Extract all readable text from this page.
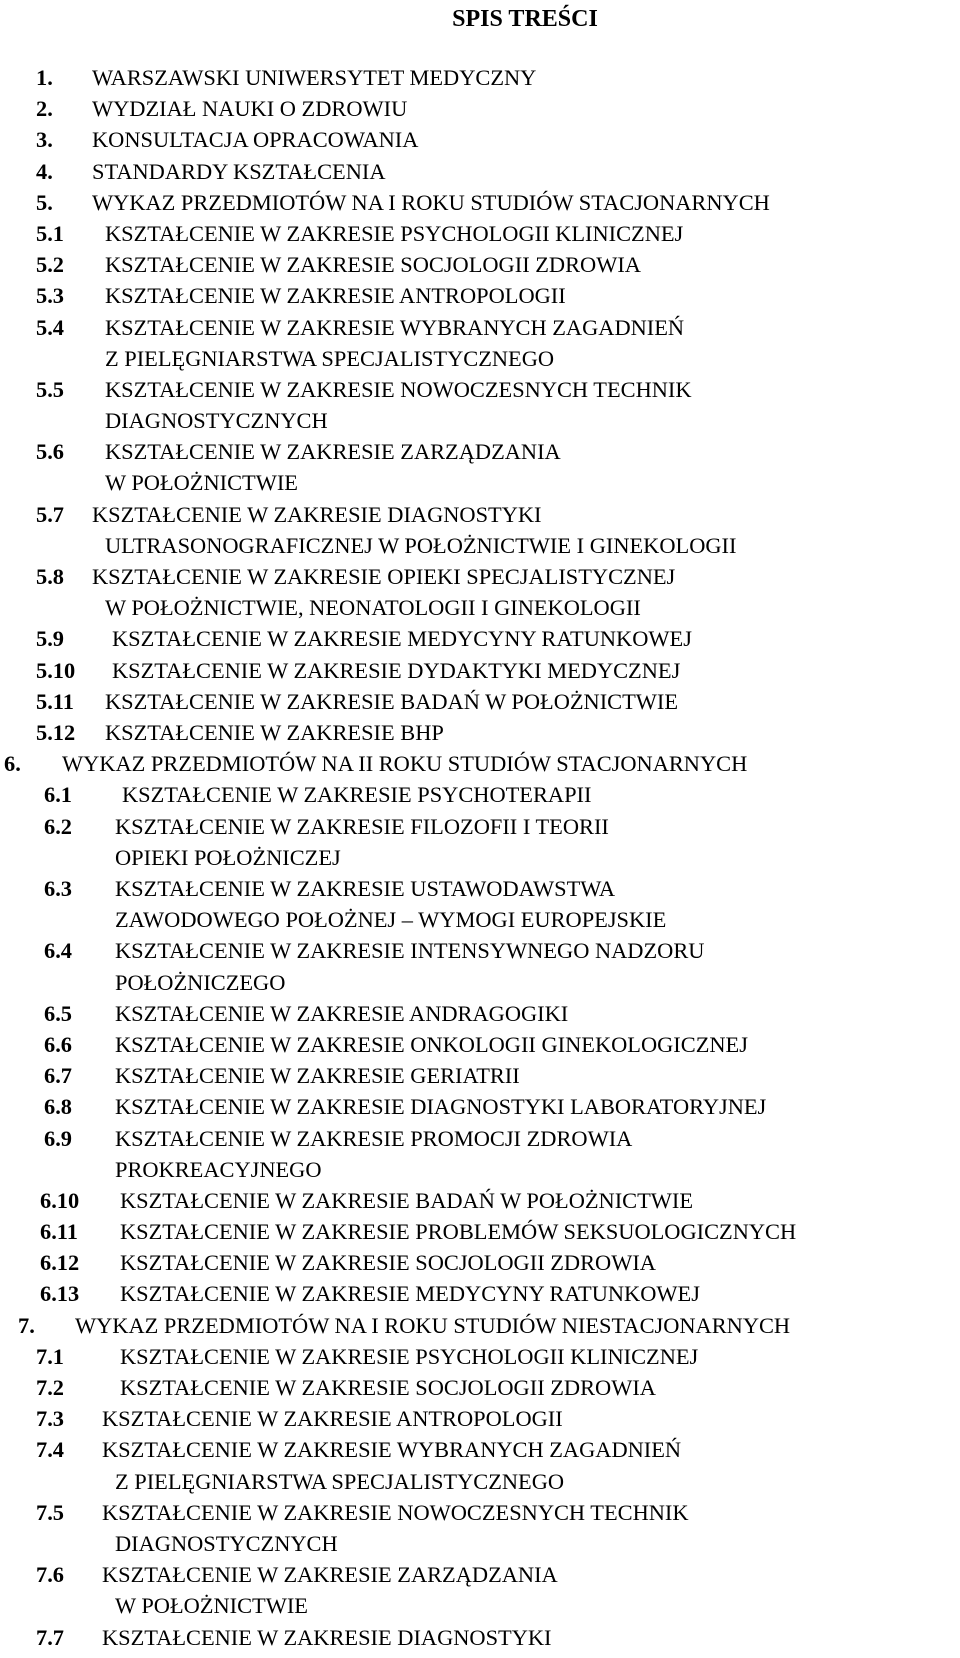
SPIS TREŚCI
1. WARSZAWSKI UNIWERSYTET MEDYCZNY
2. WYDZIAŁ NAUKI O ZDROWIU
3. KONSULTACJA OPRACOWANIA
4. STANDARDY KSZTAŁCENIA
5. WYKAZ PRZEDMIOTÓW NA I ROKU STUDIÓW STACJONARNYCH
5.1 KSZTAŁCENIE W ZAKRESIE PSYCHOLOGII KLINICZNEJ
5.2 KSZTAŁCENIE W ZAKRESIE SOCJOLOGII ZDROWIA
5.3 KSZTAŁCENIE W ZAKRESIE ANTROPOLOGII
5.4 KSZTAŁCENIE W ZAKRESIE WYBRANYCH ZAGADNIEŃ
Z PIELĘGNIARSTWA SPECJALISTYCZNEGO
5.5 KSZTAŁCENIE W ZAKRESIE NOWOCZESNYCH TECHNIK
DIAGNOSTYCZNYCH
5.6 KSZTAŁCENIE W ZAKRESIE ZARZĄDZANIA
W POŁOŻNICTWIE
5.7 KSZTAŁCENIE W ZAKRESIE DIAGNOSTYKI
ULTRASONOGRAFICZNEJ W POŁOŻNICTWIE I GINEKOLOGII
5.8 KSZTAŁCENIE W ZAKRESIE OPIEKI SPECJALISTYCZNEJ
W POŁOŻNICTWIE, NEONATOLOGII I GINEKOLOGII
5.9 KSZTAŁCENIE W ZAKRESIE MEDYCYNY RATUNKOWEJ
5.10 KSZTAŁCENIE W ZAKRESIE DYDAKTYKI MEDYCZNEJ
5.11 KSZTAŁCENIE W ZAKRESIE BADAŃ W POŁOŻNICTWIE
5.12 KSZTAŁCENIE W ZAKRESIE BHP
6. WYKAZ PRZEDMIOTÓW NA II ROKU STUDIÓW STACJONARNYCH
6.1 KSZTAŁCENIE W ZAKRESIE PSYCHOTERAPII
6.2 KSZTAŁCENIE W ZAKRESIE FILOZOFII I TEORII
OPIEKI POŁOŻNICZEJ
6.3 KSZTAŁCENIE W ZAKRESIE USTAWODAWSTWA
ZAWODOWEGO POŁOŻNEJ – WYMOGI EUROPEJSKIE
6.4 KSZTAŁCENIE W ZAKRESIE INTENSYWNEGO NADZORU
POŁOŻNICZEGO
6.5 KSZTAŁCENIE W ZAKRESIE ANDRAGOGIKI
6.6 KSZTAŁCENIE W ZAKRESIE ONKOLOGII GINEKOLOGICZNEJ
6.7 KSZTAŁCENIE W ZAKRESIE GERIATRII
6.8 KSZTAŁCENIE W ZAKRESIE DIAGNOSTYKI LABORATORYJNEJ
6.9 KSZTAŁCENIE W ZAKRESIE PROMOCJI ZDROWIA
PROKREACYJNEGO
6.10 KSZTAŁCENIE W ZAKRESIE BADAŃ W POŁOŻNICTWIE
6.11 KSZTAŁCENIE W ZAKRESIE PROBLEMÓW SEKSUOLOGICZNYCH
6.12 KSZTAŁCENIE W ZAKRESIE SOCJOLOGII ZDROWIA
6.13 KSZTAŁCENIE W ZAKRESIE MEDYCYNY RATUNKOWEJ
7. WYKAZ PRZEDMIOTÓW NA I ROKU STUDIÓW NIESTACJONARNYCH
7.1	KSZTAŁCENIE W ZAKRESIE PSYCHOLOGII KLINICZNEJ
7.2	KSZTAŁCENIE W ZAKRESIE SOCJOLOGII ZDROWIA
7.3 KSZTAŁCENIE W ZAKRESIE ANTROPOLOGII
7.4 KSZTAŁCENIE W ZAKRESIE WYBRANYCH ZAGADNIEŃ
Z PIELĘGNIARSTWA SPECJALISTYCZNEGO
7.5 KSZTAŁCENIE W ZAKRESIE NOWOCZESNYCH TECHNIK
DIAGNOSTYCZNYCH
7.6 KSZTAŁCENIE W ZAKRESIE ZARZĄDZANIA
W POŁOŻNICTWIE
7.7 KSZTAŁCENIE W ZAKRESIE DIAGNOSTYKI
